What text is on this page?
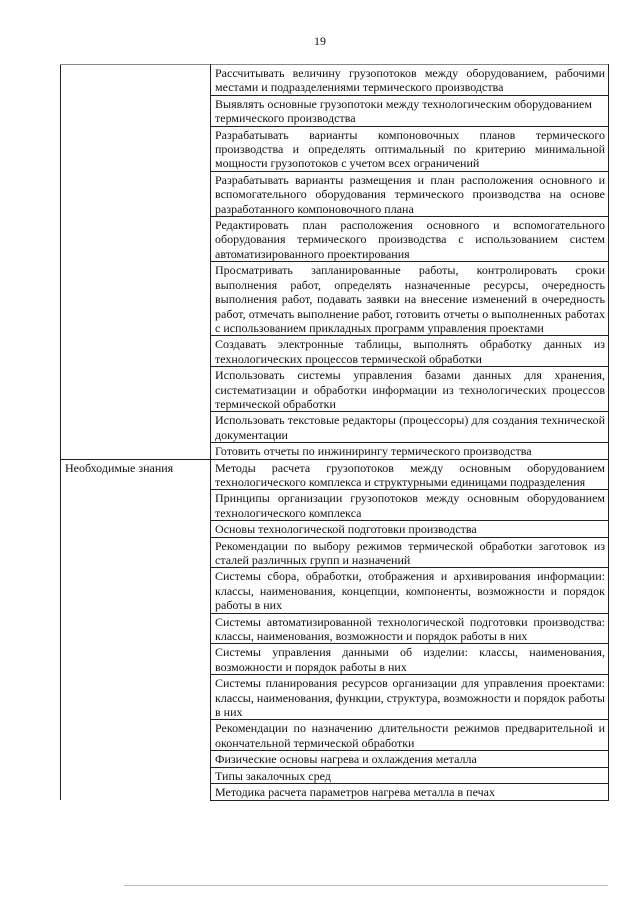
19
	Рассчитывать величину грузопотоков между оборудованием, рабочими местами и подразделениями термического производства
	Выявлять основные грузопотоки между технологическим оборудованием термического производства
	Разрабатывать варианты компоновочных планов термического производства и определять оптимальный по критерию минимальной мощности грузопотоков с учетом всех ограничений
	Разрабатывать варианты размещения и план расположения основного и вспомогательного оборудования термического производства на основе разработанного компоновочного плана
	Редактировать план расположения основного и вспомогательного оборудования термического производства с использованием систем автоматизированного проектирования
	Просматривать запланированные работы, контролировать сроки выполнения работ, определять назначенные ресурсы, очередность выполнения работ, подавать заявки на внесение изменений в очередность работ, отмечать выполнение работ, готовить отчеты о выполненных работах с использованием прикладных программ управления проектами
	Создавать электронные таблицы, выполнять обработку данных из технологических процессов термической обработки
	Использовать системы управления базами данных для хранения, систематизации и обработки информации из технологических процессов термической обработки
	Использовать текстовые редакторы (процессоры) для создания технической документации
	Готовить отчеты по инжинирингу термического производства
Необходимые знания	Методы расчета грузопотоков между основным оборудованием технологического комплекса и структурными единицами подразделения
	Принципы организации грузопотоков между основным оборудованием технологического комплекса
	Основы технологической подготовки производства
	Рекомендации по выбору режимов термической обработки заготовок из сталей различных групп и назначений
	Системы сбора, обработки, отображения и архивирования информации: классы, наименования, концепции, компоненты, возможности и порядок работы в них
	Системы автоматизированной технологической подготовки производства: классы, наименования, возможности и порядок работы в них
	Системы управления данными об изделии: классы, наименования, возможности и порядок работы в них
	Системы планирования ресурсов организации для управления проектами: классы, наименования, функции, структура, возможности и порядок работы в них
	Рекомендации по назначению длительности режимов предварительной и окончательной термической обработки
	Физические основы нагрева и охлаждения металла
	Типы закалочных сред
	Методика расчета параметров нагрева металла в печах
